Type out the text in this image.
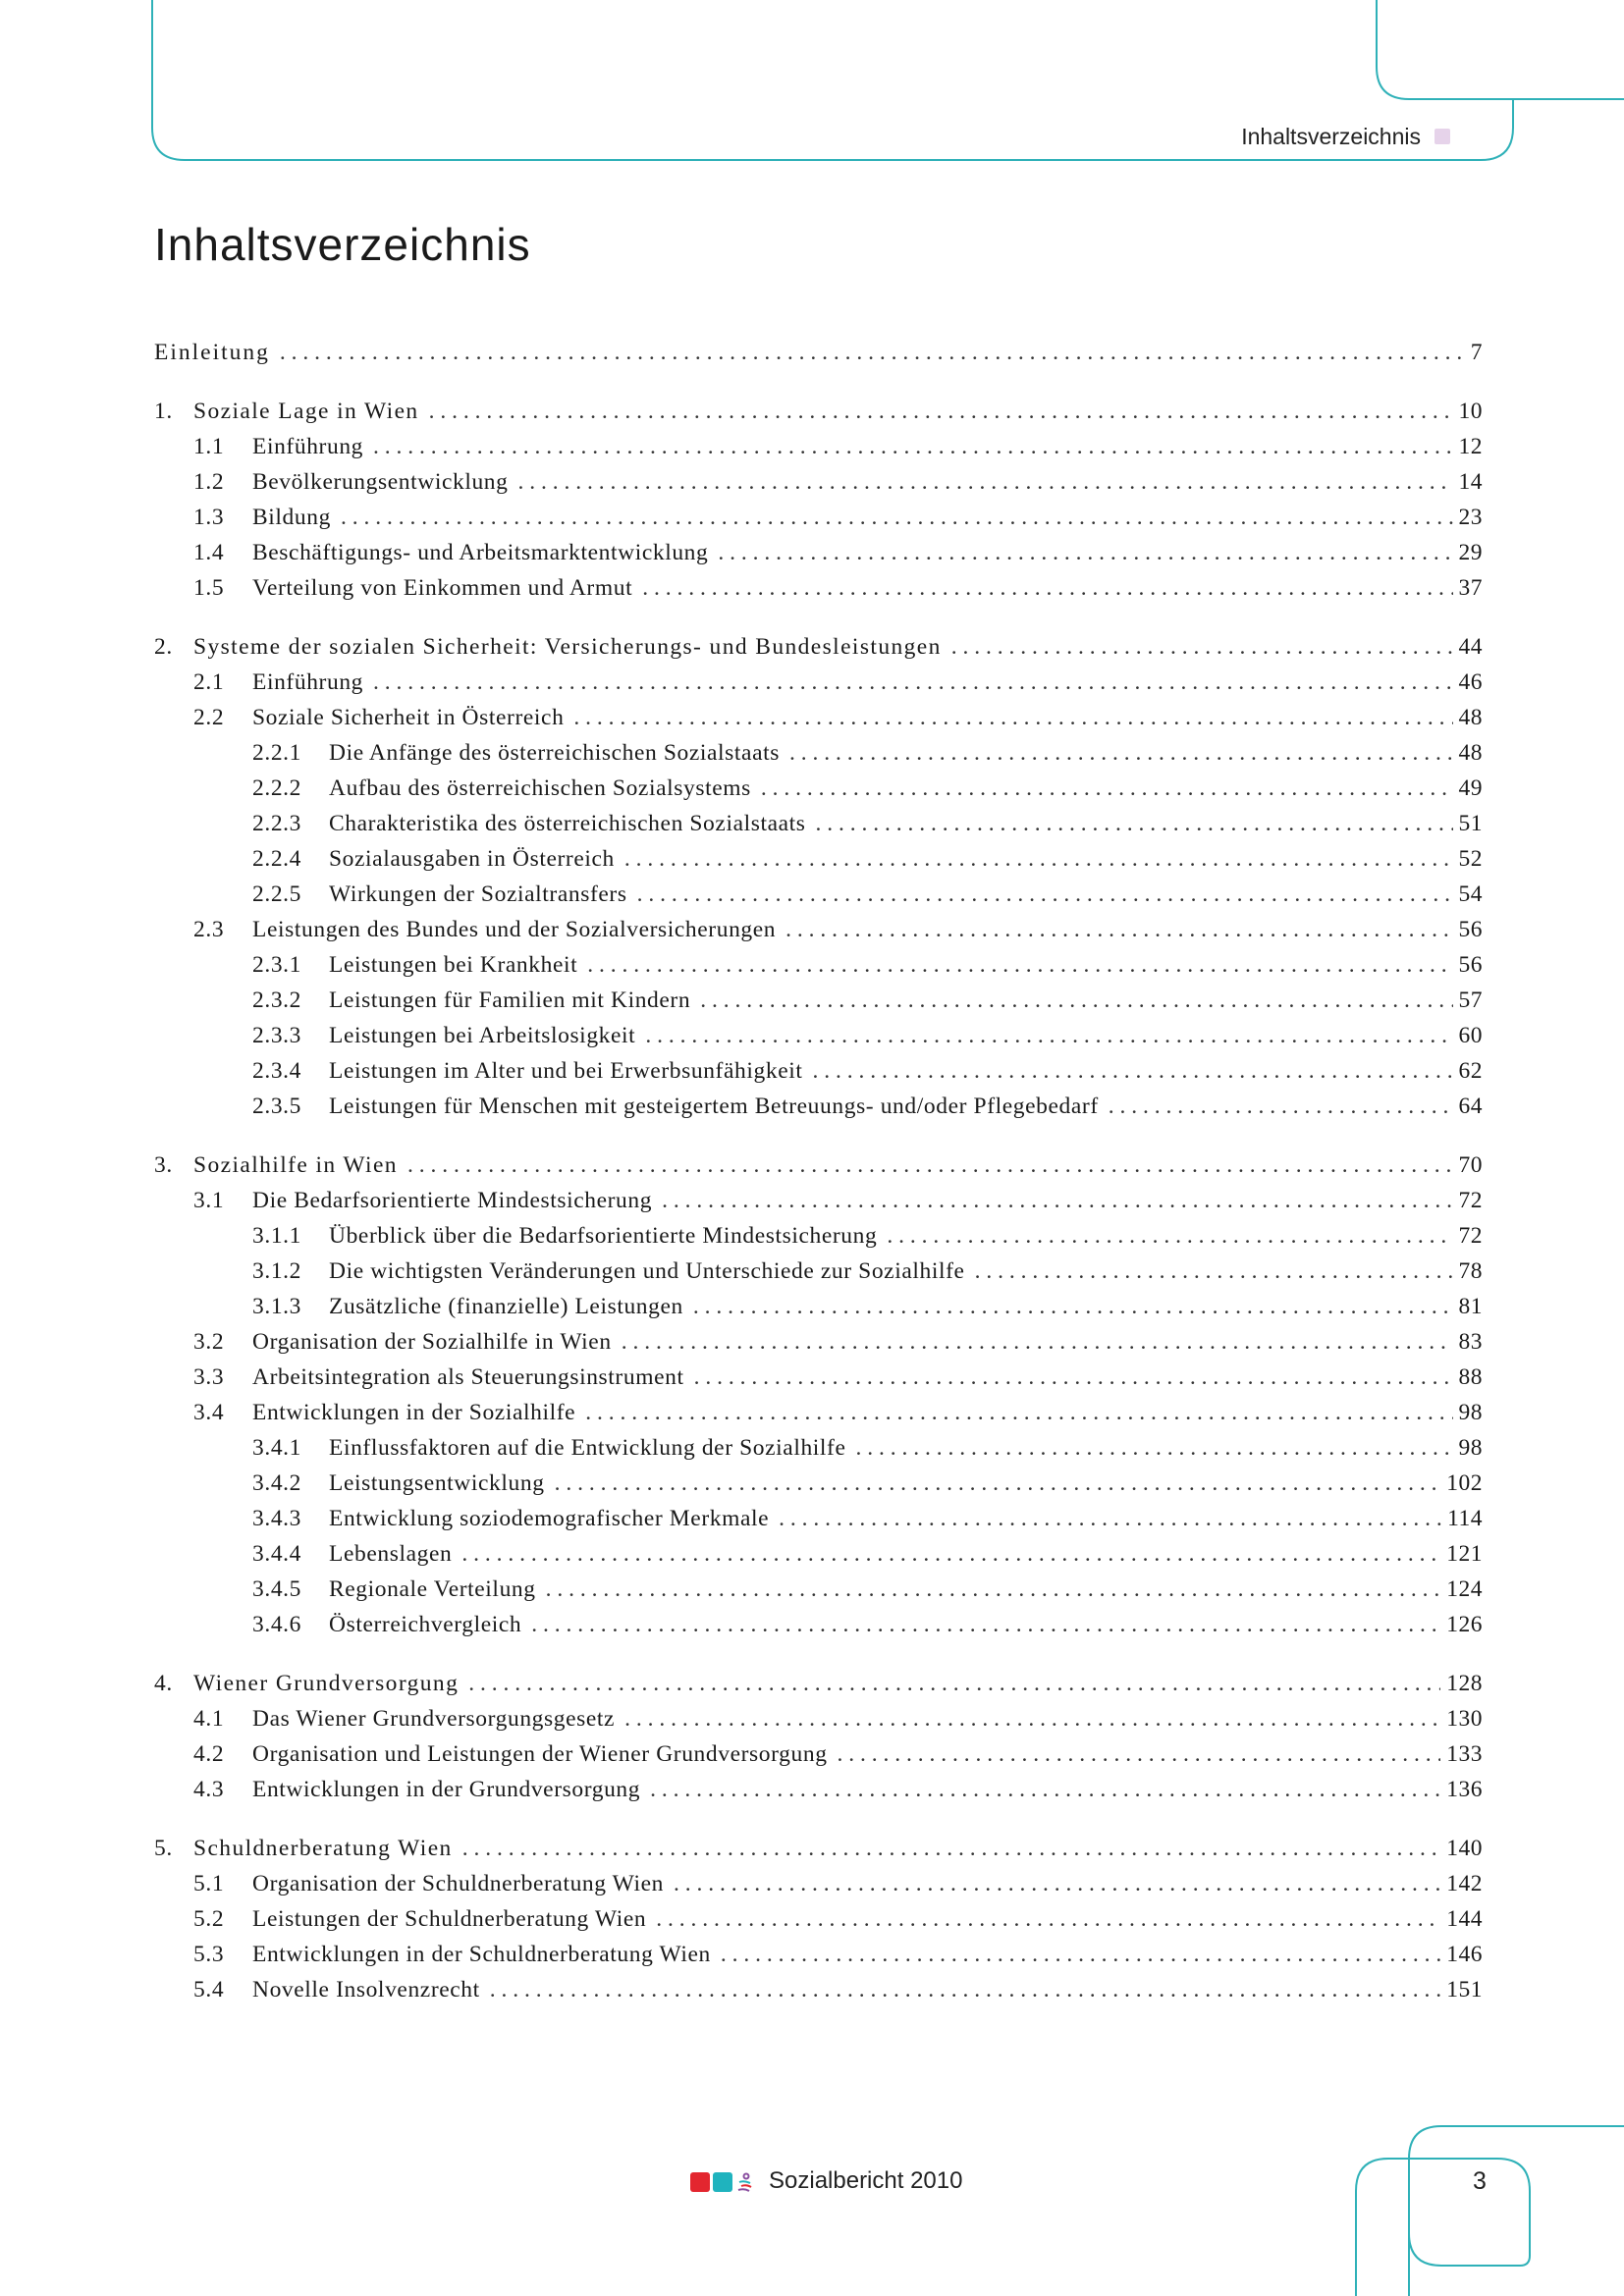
Inhaltsverzeichnis
Inhaltsverzeichnis
Einleitung . . .	7
1. Soziale Lage in Wien . . .	10
1.1	Einführung . . .	12
1.2	Bevölkerungsentwicklung . . .	14
1.3	Bildung . . .	23
1.4	Beschäftigungs- und Arbeitsmarktentwicklung . . .	29
1.5	Verteilung von Einkommen und Armut . . .	37
2. Systeme der sozialen Sicherheit: Versicherungs- und Bundesleistungen . . .	44
2.1	Einführung . . .	46
2.2	Soziale Sicherheit in Österreich . . .	48
2.2.1	Die Anfänge des österreichischen Sozialstaats . . .	48
2.2.2	Aufbau des österreichischen Sozialsystems . . .	49
2.2.3	Charakteristika des österreichischen Sozialstaats . . .	51
2.2.4	Sozialausgaben in Österreich . . .	52
2.2.5	Wirkungen der Sozialtransfers . . .	54
2.3	Leistungen des Bundes und der Sozialversicherungen . . .	56
2.3.1	Leistungen bei Krankheit . . .	56
2.3.2	Leistungen für Familien mit Kindern . . .	57
2.3.3	Leistungen bei Arbeitslosigkeit . . .	60
2.3.4	Leistungen im Alter und bei Erwerbsunfähigkeit . . .	62
2.3.5	Leistungen für Menschen mit gesteigertem Betreuungs- und/oder Pflegebedarf . . .	64
3. Sozialhilfe in Wien . . .	70
3.1	Die Bedarfsorientierte Mindestsicherung . . .	72
3.1.1	Überblick über die Bedarfsorientierte Mindestsicherung . . .	72
3.1.2	Die wichtigsten Veränderungen und Unterschiede zur Sozialhilfe . . .	78
3.1.3	Zusätzliche (finanzielle) Leistungen . . .	81
3.2	Organisation der Sozialhilfe in Wien . . .	83
3.3	Arbeitsintegration als Steuerungsinstrument . . .	88
3.4	Entwicklungen in der Sozialhilfe . . .	98
3.4.1	Einflussfaktoren auf die Entwicklung der Sozialhilfe . . .	98
3.4.2	Leistungsentwicklung . . .	102
3.4.3	Entwicklung soziodemografischer Merkmale . . .	114
3.4.4	Lebenslagen . . .	121
3.4.5	Regionale Verteilung . . .	124
3.4.6	Österreichvergleich . . .	126
4. Wiener Grundversorgung . . .	128
4.1	Das Wiener Grundversorgungsgesetz . . .	130
4.2	Organisation und Leistungen der Wiener Grundversorgung . . .	133
4.3	Entwicklungen in der Grundversorgung . . .	136
5. Schuldnerberatung Wien . . .	140
5.1	Organisation der Schuldnerberatung Wien . . .	142
5.2	Leistungen der Schuldnerberatung Wien . . .	144
5.3	Entwicklungen in der Schuldnerberatung Wien . . .	146
5.4	Novelle Insolvenzrecht . . .	151
Sozialbericht 2010	3
